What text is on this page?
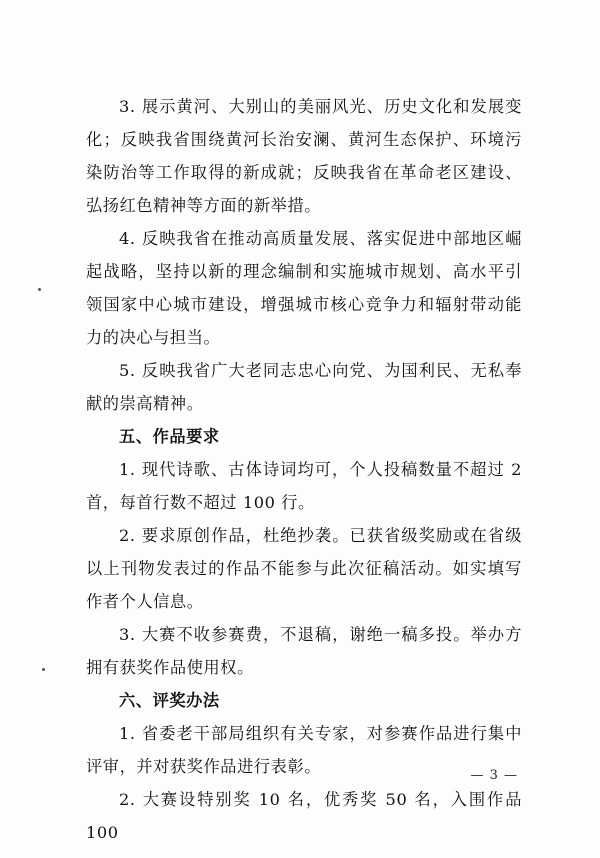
3. 展示黄河、大别山的美丽风光、历史文化和发展变化；反映我省围绕黄河长治安澜、黄河生态保护、环境污染防治等工作取得的新成就；反映我省在革命老区建设、弘扬红色精神等方面的新举措。

4. 反映我省在推动高质量发展、落实促进中部地区崛起战略，坚持以新的理念编制和实施城市规划、高水平引领国家中心城市建设，增强城市核心竞争力和辐射带动能力的决心与担当。

5. 反映我省广大老同志忠心向党、为国利民、无私奉献的崇高精神。

五、作品要求

1. 现代诗歌、古体诗词均可，个人投稿数量不超过 2 首，每首行数不超过 100 行。

2. 要求原创作品，杜绝抄袭。已获省级奖励或在省级以上刊物发表过的作品不能参与此次征稿活动。如实填写作者个人信息。

3. 大赛不收参赛费，不退稿，谢绝一稿多投。举办方拥有获奖作品使用权。

六、评奖办法

1. 省委老干部局组织有关专家，对参赛作品进行集中评审，并对获奖作品进行表彰。

2. 大赛设特别奖 10 名，优秀奖 50 名，入围作品 100

— 3 —
